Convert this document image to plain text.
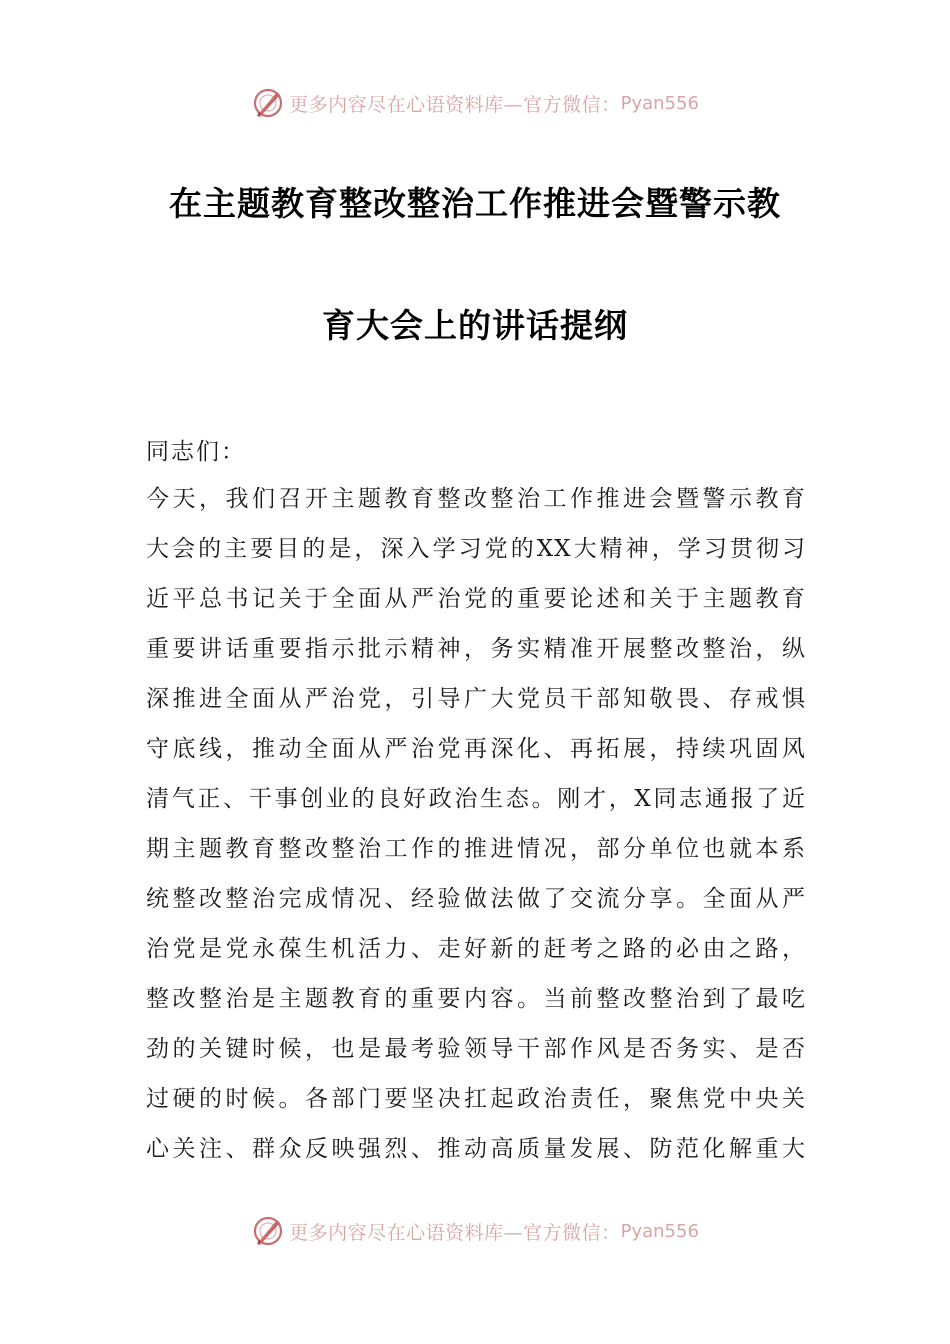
更多内容尽在心语资料库—官方微信： Pyan556
在主题教育整改整治工作推进会暨警示教
育大会上的讲话提纲
同志们：
今天，我们召开主题教育整改整治工作推进会暨警示教育
大会的主要目的是，深入学习党的XX大精神，学习贯彻习
近平总书记关于全面从严治党的重要论述和关于主题教育
重要讲话重要指示批示精神，务实精准开展整改整治，纵
深推进全面从严治党，引导广大党员干部知敬畏、存戒惧
守底线，推动全面从严治党再深化、再拓展，持续巩固风
清气正、干事创业的良好政治生态。刚才，X同志通报了近
期主题教育整改整治工作的推进情况，部分单位也就本系
统整改整治完成情况、经验做法做了交流分享。全面从严
治党是党永葆生机活力、走好新的赶考之路的必由之路，
整改整治是主题教育的重要内容。当前整改整治到了最吃
劲的关键时候，也是最考验领导干部作风是否务实、是否
过硬的时候。各部门要坚决扛起政治责任，聚焦党中央关
心关注、群众反映强烈、推动高质量发展、防范化解重大
更多内容尽在心语资料库—官方微信： Pyan556
